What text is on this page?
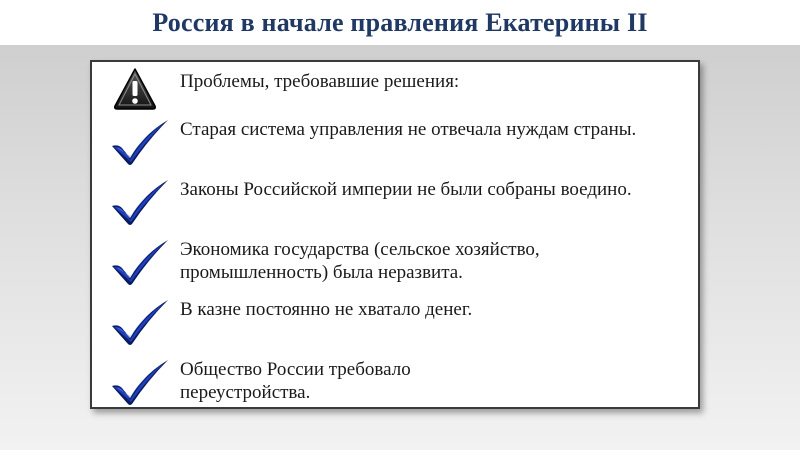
Россия в начале правления Екатерины II
Проблемы, требовавшие решения:
Старая система управления не отвечала нуждам страны.
Законы Российской империи не были собраны воедино.
Экономика государства (сельское хозяйство, промышленность) была неразвита.
В казне постоянно не хватало денег.
Общество России требовало переустройства.
